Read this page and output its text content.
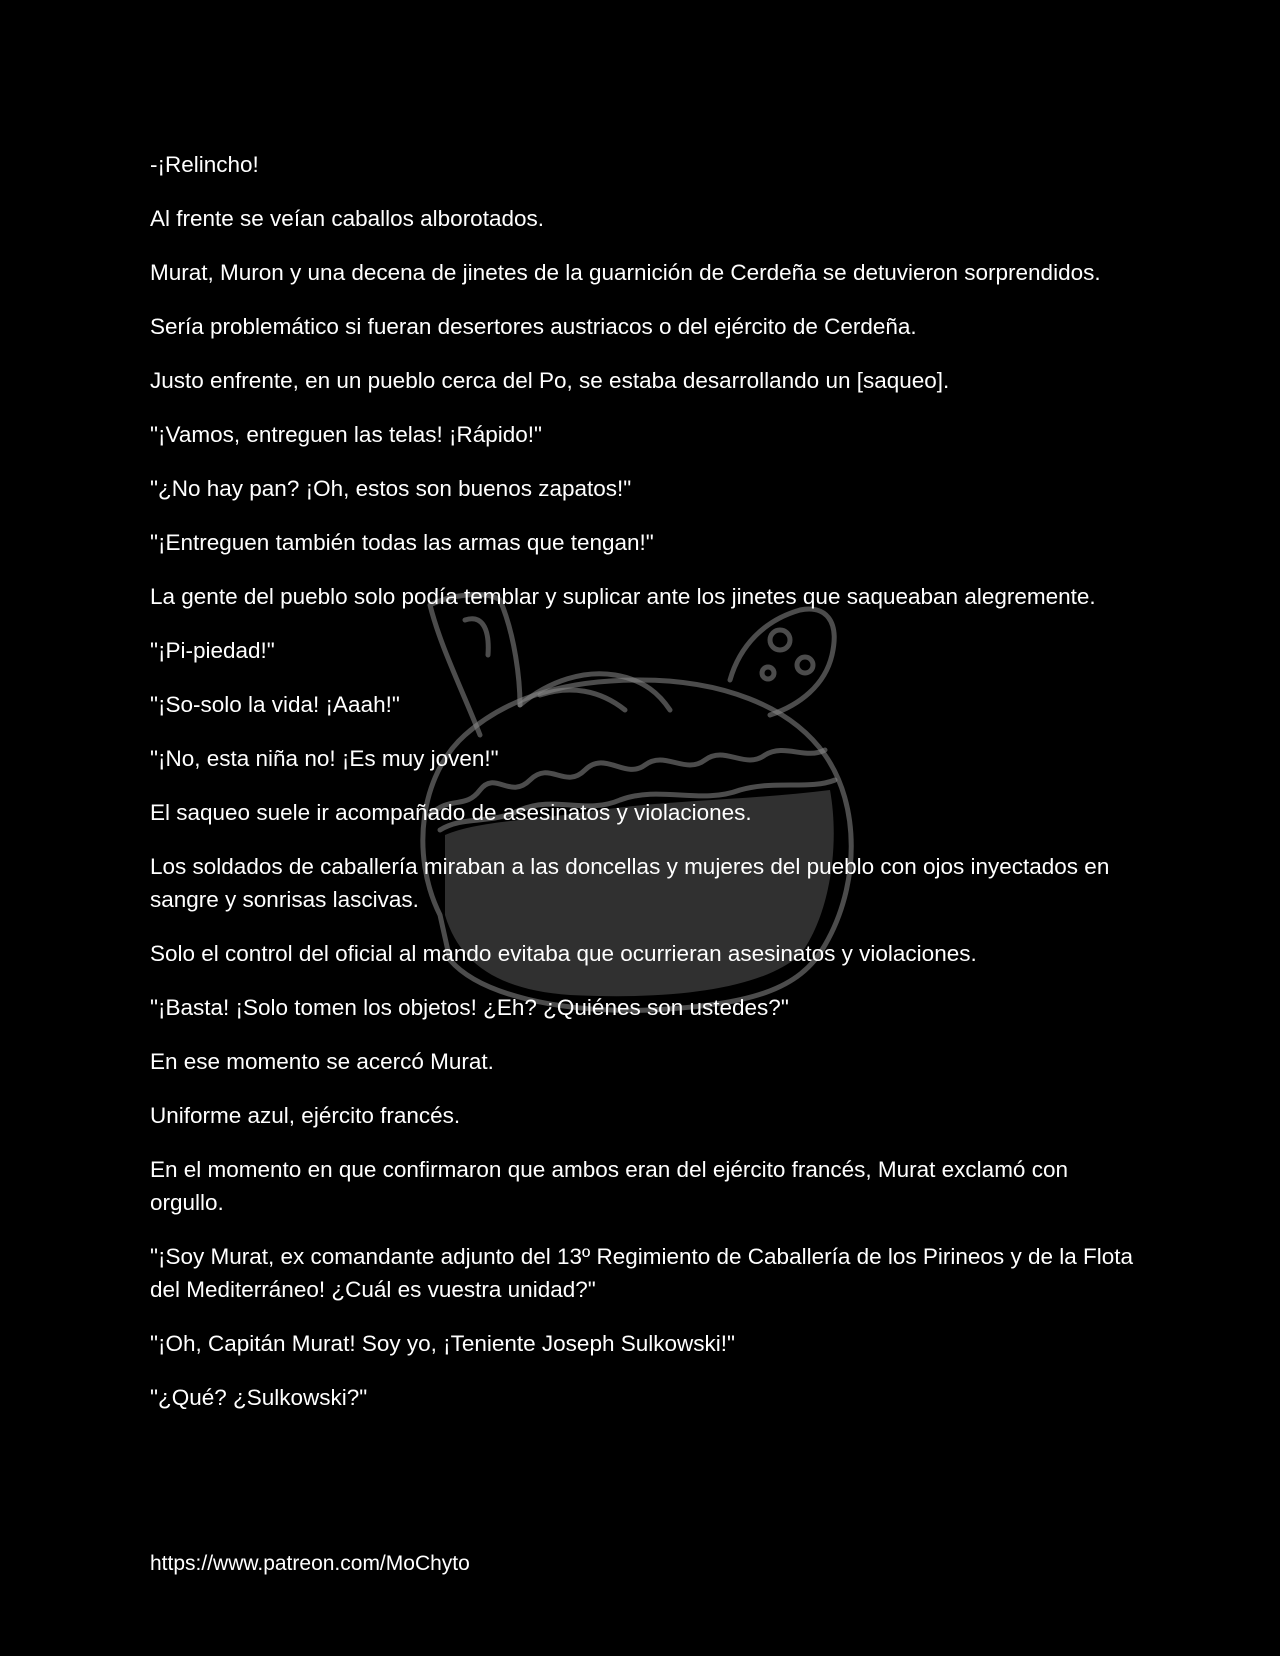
-¡Relincho!

Al frente se veían caballos alborotados.

Murat, Muron y una decena de jinetes de la guarnición de Cerdeña se detuvieron sorprendidos.

Sería problemático si fueran desertores austriacos o del ejército de Cerdeña.

Justo enfrente, en un pueblo cerca del Po, se estaba desarrollando un [saqueo].

"¡Vamos, entreguen las telas! ¡Rápido!"

"¿No hay pan? ¡Oh, estos son buenos zapatos!"

"¡Entreguen también todas las armas que tengan!"

La gente del pueblo solo podía temblar y suplicar ante los jinetes que saqueaban alegremente.

"¡Pi-piedad!"

"¡So-solo la vida! ¡Aaah!"

"¡No, esta niña no! ¡Es muy joven!"

El saqueo suele ir acompañado de asesinatos y violaciones.

Los soldados de caballería miraban a las doncellas y mujeres del pueblo con ojos inyectados en sangre y sonrisas lascivas.

Solo el control del oficial al mando evitaba que ocurrieran asesinatos y violaciones.

"¡Basta! ¡Solo tomen los objetos! ¿Eh? ¿Quiénes son ustedes?"

En ese momento se acercó Murat.

Uniforme azul, ejército francés.

En el momento en que confirmaron que ambos eran del ejército francés, Murat exclamó con orgullo.

"¡Soy Murat, ex comandante adjunto del 13º Regimiento de Caballería de los Pirineos y de la Flota del Mediterráneo! ¿Cuál es vuestra unidad?"

"¡Oh, Capitán Murat! Soy yo, ¡Teniente Joseph Sulkowski!"

"¿Qué? ¿Sulkowski?"

https://www.patreon.com/MoChyto
